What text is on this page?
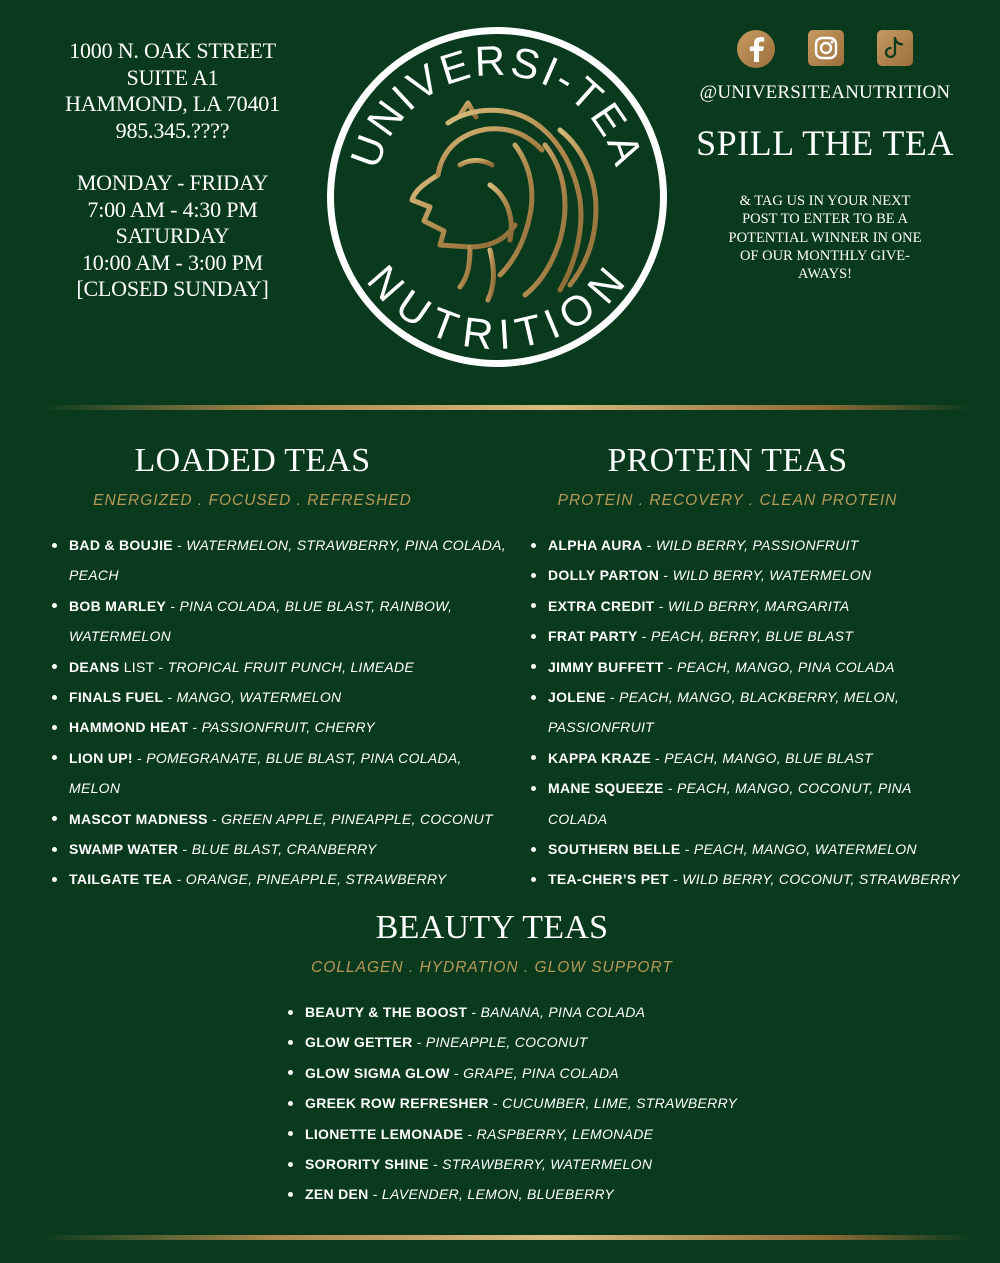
1000 N. OAK STREET
SUITE A1
HAMMOND, LA 70401
985.345.????
MONDAY - FRIDAY
7:00 AM - 4:30 PM
SATURDAY
10:00 AM - 3:00 PM
[CLOSED SUNDAY]
UNIVERSI-TEA
NUTRITION
@UNIVERSITEANUTRITION
SPILL THE TEA
& TAG US IN YOUR NEXT POST TO ENTER TO BE A POTENTIAL WINNER IN ONE OF OUR MONTHLY GIVE-AWAYS!
LOADED TEAS
ENERGIZED . FOCUSED . REFRESHED
BAD & BOUJIE - WATERMELON, STRAWBERRY, PINA COLADA, PEACH
BOB MARLEY - PINA COLADA, BLUE BLAST, RAINBOW, WATERMELON
DEANS LIST - TROPICAL FRUIT PUNCH, LIMEADE
FINALS FUEL - MANGO, WATERMELON
HAMMOND HEAT - PASSIONFRUIT, CHERRY
LION UP! - POMEGRANATE, BLUE BLAST, PINA COLADA, MELON
MASCOT MADNESS - GREEN APPLE, PINEAPPLE, COCONUT
SWAMP WATER - BLUE BLAST, CRANBERRY
TAILGATE TEA - ORANGE, PINEAPPLE, STRAWBERRY
PROTEIN TEAS
PROTEIN . RECOVERY . CLEAN PROTEIN
ALPHA AURA - WILD BERRY, PASSIONFRUIT
DOLLY PARTON - WILD BERRY, WATERMELON
EXTRA CREDIT - WILD BERRY, MARGARITA
FRAT PARTY - PEACH, BERRY, BLUE BLAST
JIMMY BUFFETT - PEACH, MANGO, PINA COLADA
JOLENE - PEACH, MANGO, BLACKBERRY, MELON, PASSIONFRUIT
KAPPA KRAZE - PEACH, MANGO, BLUE BLAST
MANE SQUEEZE - PEACH, MANGO, COCONUT, PINA COLADA
SOUTHERN BELLE - PEACH, MANGO, WATERMELON
TEA-CHER’S PET - WILD BERRY, COCONUT, STRAWBERRY
BEAUTY TEAS
COLLAGEN . HYDRATION . GLOW SUPPORT
BEAUTY & THE BOOST - BANANA, PINA COLADA
GLOW GETTER - PINEAPPLE, COCONUT
GLOW SIGMA GLOW - GRAPE, PINA COLADA
GREEK ROW REFRESHER - CUCUMBER, LIME, STRAWBERRY
LIONETTE LEMONADE - RASPBERRY, LEMONADE
SORORITY SHINE - STRAWBERRY, WATERMELON
ZEN DEN - LAVENDER, LEMON, BLUEBERRY
